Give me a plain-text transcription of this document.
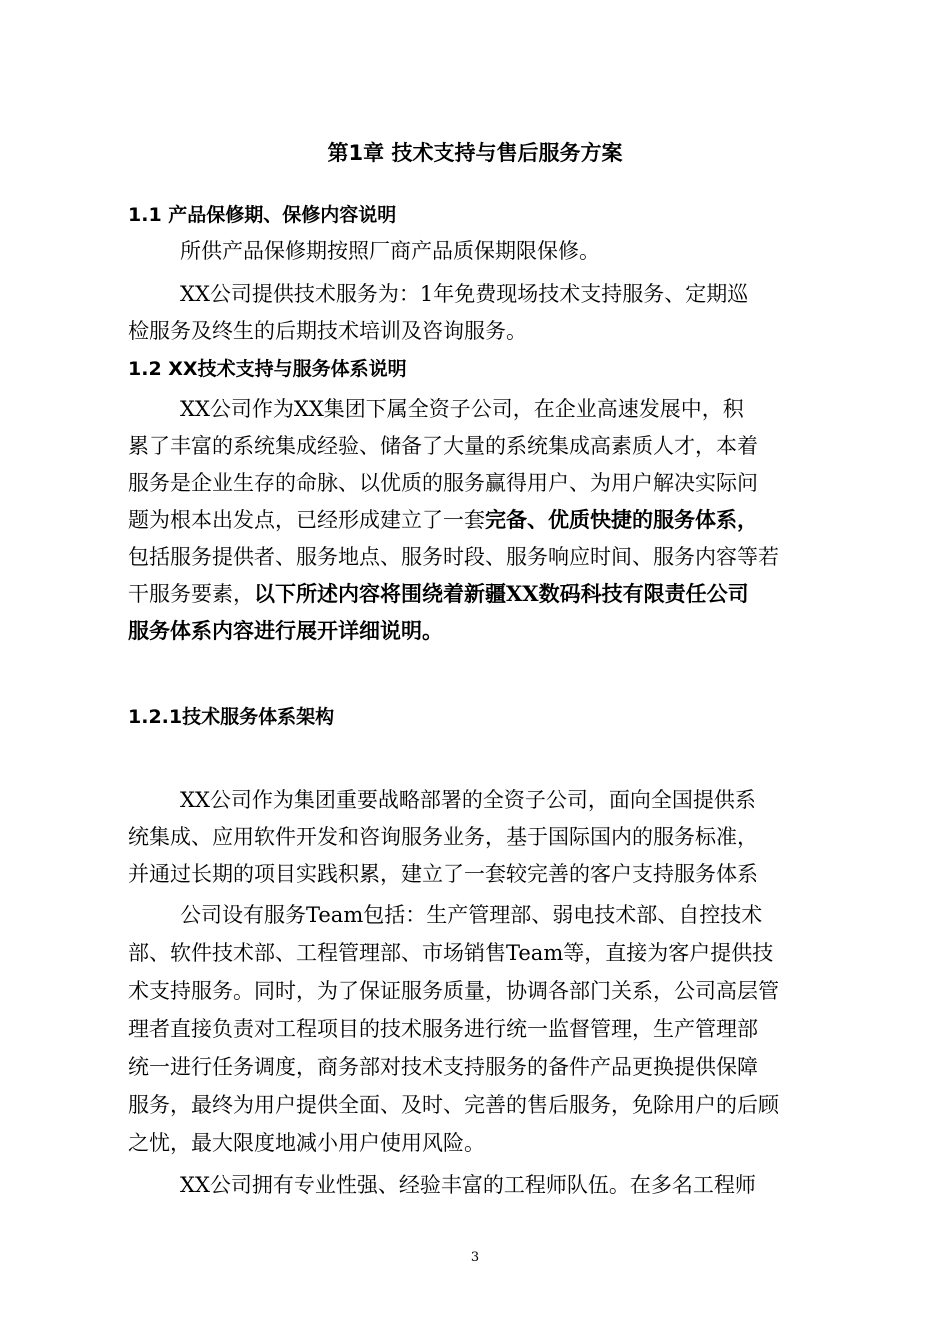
第1章 技术支持与售后服务方案
1.1 产品保修期、保修内容说明
所供产品保修期按照厂商产品质保期限保修。
XX公司提供技术服务为：1年免费现场技术支持服务、定期巡
检服务及终生的后期技术培训及咨询服务。
1.2 XX技术支持与服务体系说明
XX公司作为XX集团下属全资子公司，在企业高速发展中，积
累了丰富的系统集成经验、储备了大量的系统集成高素质人才，本着
服务是企业生存的命脉、以优质的服务赢得用户、为用户解决实际问
题为根本出发点，已经形成建立了一套完备、优质快捷的服务体系，
包括服务提供者、服务地点、服务时段、服务响应时间、服务内容等若
干服务要素，以下所述内容将围绕着新疆XX数码科技有限责任公司
服务体系内容进行展开详细说明。
1.2.1技术服务体系架构
XX公司作为集团重要战略部署的全资子公司，面向全国提供系
统集成、应用软件开发和咨询服务业务，基于国际国内的服务标准，
并通过长期的项目实践积累，建立了一套较完善的客户支持服务体系
公司设有服务Team包括：生产管理部、弱电技术部、自控技术
部、软件技术部、工程管理部、市场销售Team等，直接为客户提供技
术支持服务。同时，为了保证服务质量，协调各部门关系，公司高层管
理者直接负责对工程项目的技术服务进行统一监督管理，生产管理部
统一进行任务调度，商务部对技术支持服务的备件产品更换提供保障
服务，最终为用户提供全面、及时、完善的售后服务，免除用户的后顾
之忧，最大限度地减小用户使用风险。
XX公司拥有专业性强、经验丰富的工程师队伍。在多名工程师
3
